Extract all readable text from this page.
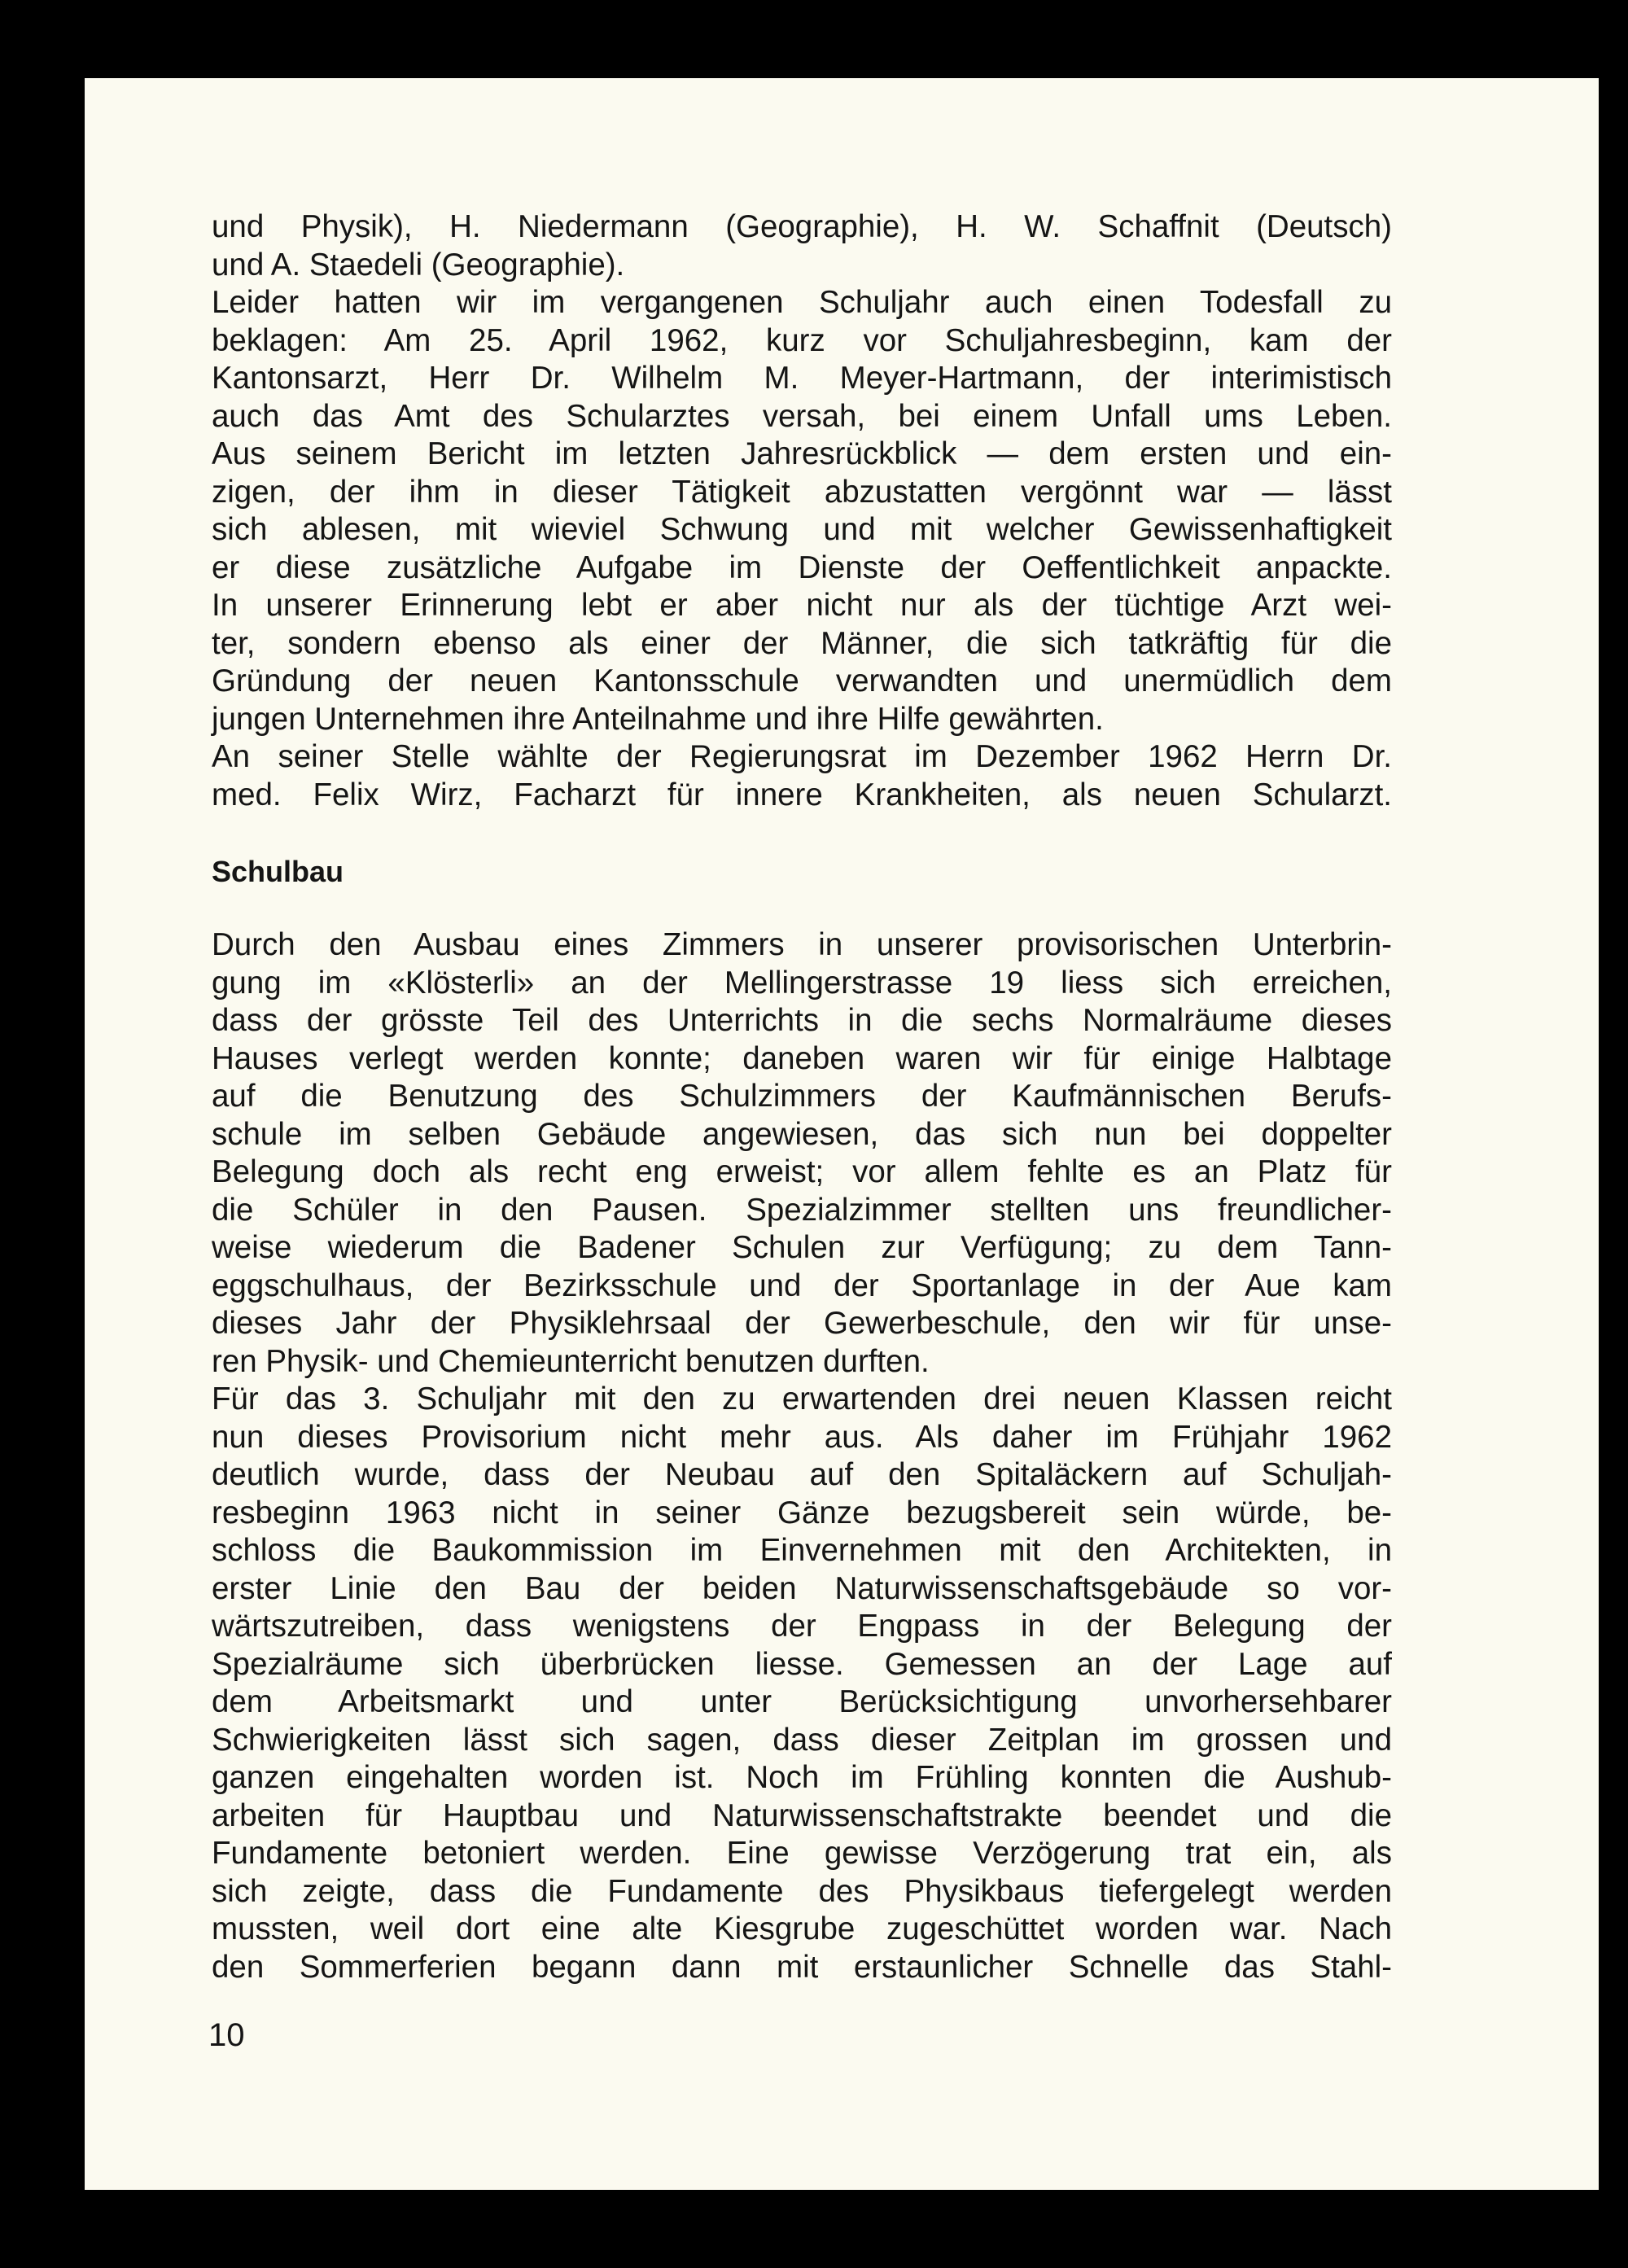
und Physik), H. Niedermann (Geographie), H. W. Schaffnit (Deutsch)
und A. Staedeli (Geographie).
Leider hatten wir im vergangenen Schuljahr auch einen Todesfall zu
beklagen: Am 25. April 1962, kurz vor Schuljahresbeginn, kam der
Kantonsarzt, Herr Dr. Wilhelm M. Meyer-Hartmann, der interimistisch
auch das Amt des Schularztes versah, bei einem Unfall ums Leben.
Aus seinem Bericht im letzten Jahresrückblick — dem ersten und ein-
zigen, der ihm in dieser Tätigkeit abzustatten vergönnt war — lässt
sich ablesen, mit wieviel Schwung und mit welcher Gewissenhaftigkeit
er diese zusätzliche Aufgabe im Dienste der Oeffentlichkeit anpackte.
In unserer Erinnerung lebt er aber nicht nur als der tüchtige Arzt wei-
ter, sondern ebenso als einer der Männer, die sich tatkräftig für die
Gründung der neuen Kantonsschule verwandten und unermüdlich dem
jungen Unternehmen ihre Anteilnahme und ihre Hilfe gewährten.
An seiner Stelle wählte der Regierungsrat im Dezember 1962 Herrn Dr.
med. Felix Wirz, Facharzt für innere Krankheiten, als neuen Schularzt.
Schulbau
Durch den Ausbau eines Zimmers in unserer provisorischen Unterbrin-
gung im «Klösterli» an der Mellingerstrasse 19 liess sich erreichen,
dass der grösste Teil des Unterrichts in die sechs Normalräume dieses
Hauses verlegt werden konnte; daneben waren wir für einige Halbtage
auf die Benutzung des Schulzimmers der Kaufmännischen Berufs-
schule im selben Gebäude angewiesen, das sich nun bei doppelter
Belegung doch als recht eng erweist; vor allem fehlte es an Platz für
die Schüler in den Pausen. Spezialzimmer stellten uns freundlicher-
weise wiederum die Badener Schulen zur Verfügung; zu dem Tann-
eggschulhaus, der Bezirksschule und der Sportanlage in der Aue kam
dieses Jahr der Physiklehrsaal der Gewerbeschule, den wir für unse-
ren Physik- und Chemieunterricht benutzen durften.
Für das 3. Schuljahr mit den zu erwartenden drei neuen Klassen reicht
nun dieses Provisorium nicht mehr aus. Als daher im Frühjahr 1962
deutlich wurde, dass der Neubau auf den Spitaläckern auf Schuljah-
resbeginn 1963 nicht in seiner Gänze bezugsbereit sein würde, be-
schloss die Baukommission im Einvernehmen mit den Architekten, in
erster Linie den Bau der beiden Naturwissenschaftsgebäude so vor-
wärtszutreiben, dass wenigstens der Engpass in der Belegung der
Spezialräume sich überbrücken liesse. Gemessen an der Lage auf
dem Arbeitsmarkt und unter Berücksichtigung unvorhersehbarer
Schwierigkeiten lässt sich sagen, dass dieser Zeitplan im grossen und
ganzen eingehalten worden ist. Noch im Frühling konnten die Aushub-
arbeiten für Hauptbau und Naturwissenschaftstrakte beendet und die
Fundamente betoniert werden. Eine gewisse Verzögerung trat ein, als
sich zeigte, dass die Fundamente des Physikbaus tiefergelegt werden
mussten, weil dort eine alte Kiesgrube zugeschüttet worden war. Nach
den Sommerferien begann dann mit erstaunlicher Schnelle das Stahl-
10
